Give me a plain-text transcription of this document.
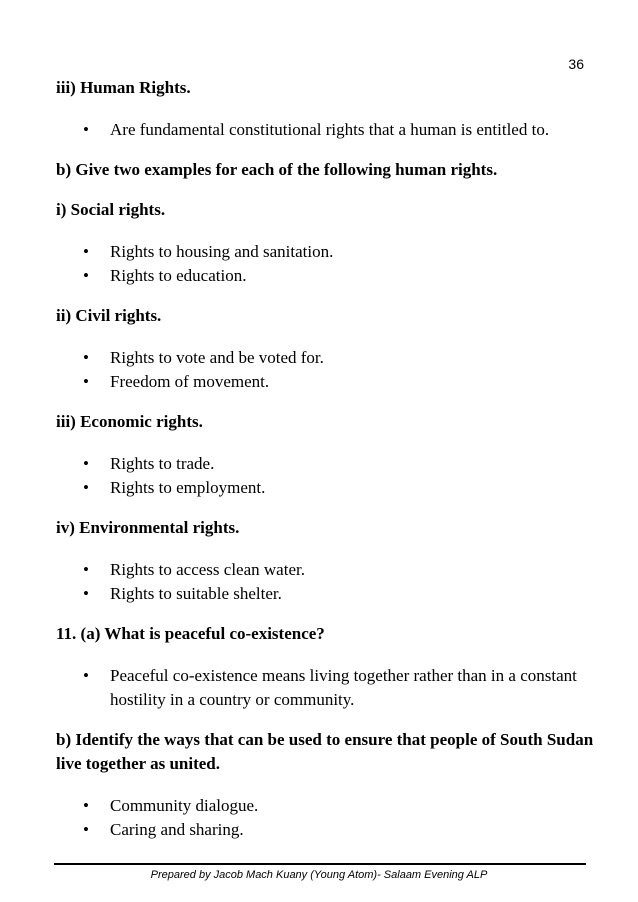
36

iii) Human Rights.

• Are fundamental constitutional rights that a human is entitled to.

b) Give two examples for each of the following human rights.

i) Social rights.

• Rights to housing and sanitation.
• Rights to education.

ii) Civil rights.

• Rights to vote and be voted for.
• Freedom of movement.

iii) Economic rights.

• Rights to trade.
• Rights to employment.

iv) Environmental rights.

• Rights to access clean water.
• Rights to suitable shelter.

11. (a) What is peaceful co-existence?

• Peaceful co-existence means living together rather than in a constant hostility in a country or community.

b) Identify the ways that can be used to ensure that people of South Sudan live together as united.

• Community dialogue.
• Caring and sharing.
Prepared by Jacob Mach Kuany (Young Atom)- Salaam Evening ALP
